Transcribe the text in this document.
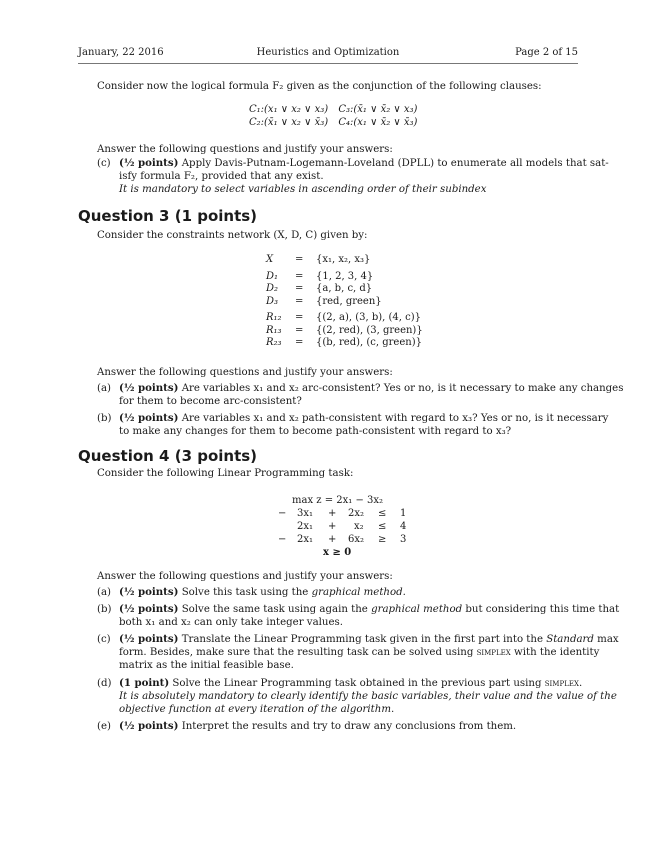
January, 22 2016	Heuristics and Optimization	Page 2 of 15
Consider now the logical formula F₂ given as the conjunction of the following clauses:
C₁:(x₁ ∨ x₂ ∨ x₃) C₃:(x̄₁ ∨ x̄₂ ∨ x₃)
C₂:(x̄₁ ∨ x₂ ∨ x̄₃) C₄:(x₁ ∨ x̄₂ ∨ x̄₃)
Answer the following questions and justify your answers:
(c) (½ points) Apply Davis-Putnam-Logemann-Loveland (DPLL) to enumerate all models that sat-
isfy formula F₂, provided that any exist.
It is mandatory to select variables in ascending order of their subindex
Question 3 (1 points)
Consider the constraints network (X, D, C) given by:
X = {x₁, x₂, x₃}
D₁ = {1, 2, 3, 4}
D₂ = {a, b, c, d}
D₃ = {red, green}
R₁₂ = {(2, a), (3, b), (4, c)}
R₁₃ = {(2, red), (3, green)}
R₂₃ = {(b, red), (c, green)}
Answer the following questions and justify your answers:
(a) (½ points) Are variables x₁ and x₂ arc-consistent? Yes or no, is it necessary to make any changes
for them to become arc-consistent?
(b) (½ points) Are variables x₁ and x₂ path-consistent with regard to x₃? Yes or no, is it necessary
to make any changes for them to become path-consistent with regard to x₃?
Question 4 (3 points)
Consider the following Linear Programming task:
max z = 2x₁ − 3x₂
− 3x₁ + 2x₂ ≤ 1
2x₁ + x₂ ≤ 4
− 2x₁ + 6x₂ ≥ 3
x ≥ 0
Answer the following questions and justify your answers:
(a) (½ points) Solve this task using the graphical method.
(b) (½ points) Solve the same task using again the graphical method but considering this time that
both x₁ and x₂ can only take integer values.
(c) (½ points) Translate the Linear Programming task given in the first part into the Standard max
form. Besides, make sure that the resulting task can be solved using simplex with the identity
matrix as the initial feasible base.
(d) (1 point) Solve the Linear Programming task obtained in the previous part using simplex.
It is absolutely mandatory to clearly identify the basic variables, their value and the value of the
objective function at every iteration of the algorithm.
(e) (½ points) Interpret the results and try to draw any conclusions from them.
